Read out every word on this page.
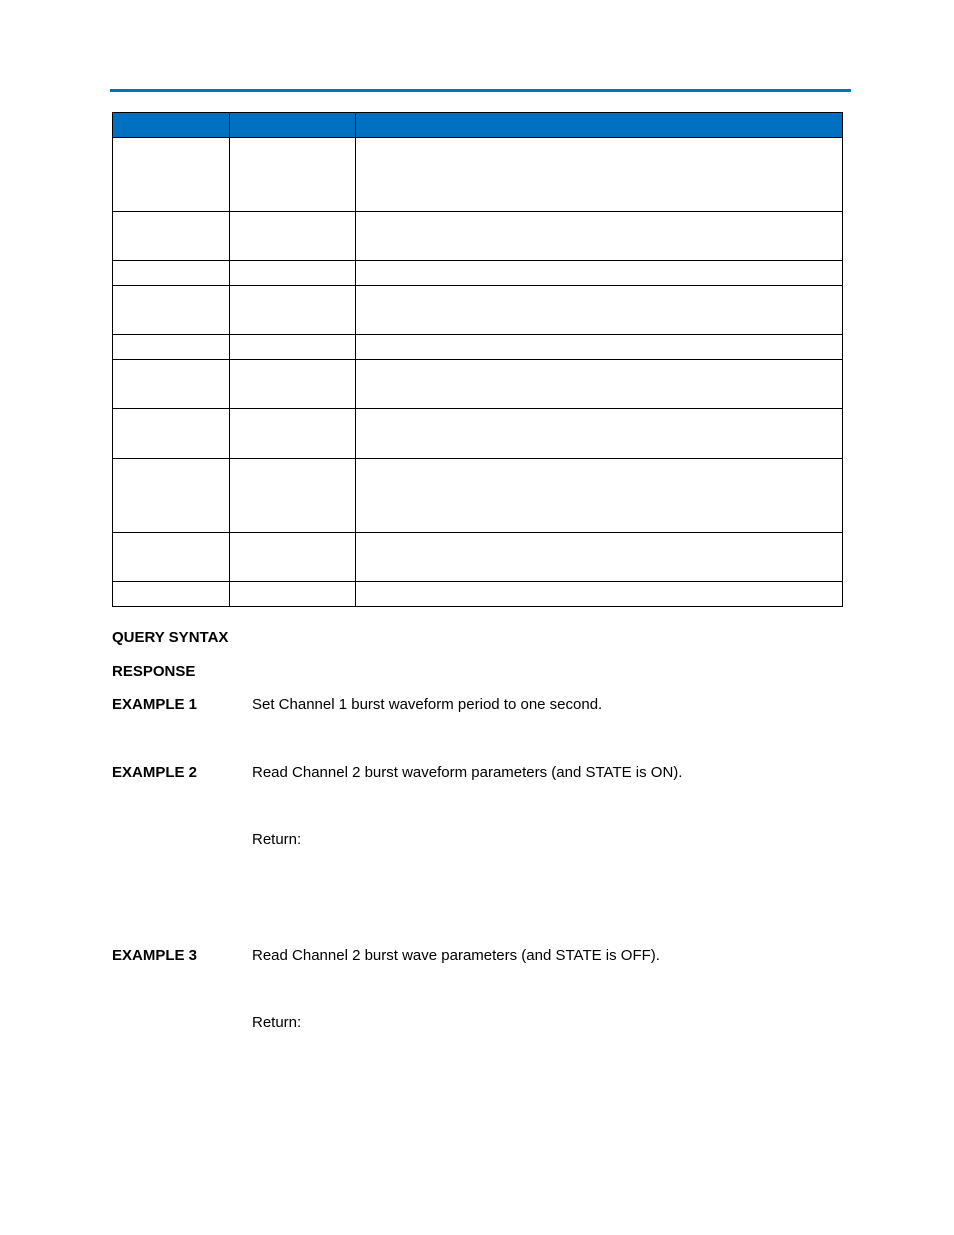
QUERY SYNTAX
RESPONSE
EXAMPLE 1	Set Channel 1 burst waveform period to one second.
EXAMPLE 2	Read Channel 2 burst waveform parameters (and STATE is ON).
Return:
EXAMPLE 3	Read Channel 2 burst wave parameters (and STATE is OFF).
Return:
